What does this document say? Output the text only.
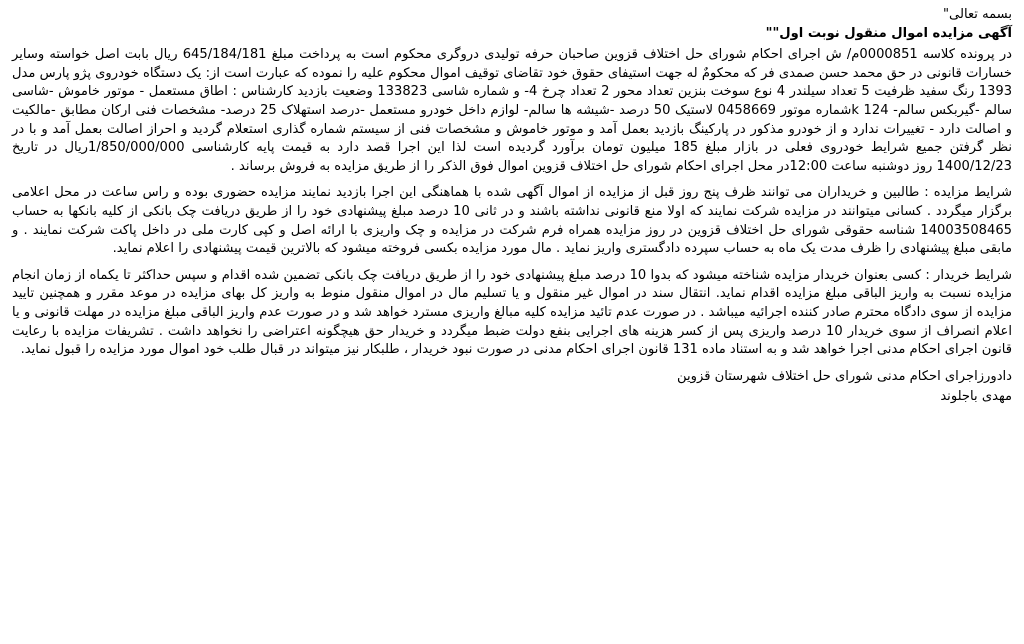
بسمه تعالی"
آگهی مزایده اموال منقول نوبت اول""

در پرونده کلاسه 0000851م/ ش اجرای احکام شورای حل اختلاف قزوین صاحبان حرفه تولیدی دروگری محکوم است به پرداخت مبلغ 645/184/181 ریال بابت اصل خواسته وسایر خسارات قانونی در حق محمد حسن صمدی فر که محکومٌ له جهت استیفای حقوق خود تقاضای توقیف اموال محکوم علیه را نموده که عبارت است از: یک دستگاه خودروی پژو پارس مدل 1393 رنگ سفید ظرفیت 5 تعداد سیلندر 4 نوع سوخت بنزین تعداد محور 2 تعداد چرخ 4- و شماره شاسی 133823 وضعیت بازدید کارشناس : اطاق مستعمل - موتور خاموش -شاسی سالم -گیربکس سالم- 124 kشماره موتور 0458669 لاستیک 50 درصد -شیشه ها سالم- لوازم داخل خودرو مستعمل -درصد استهلاک 25 درصد- مشخصات فنی ارکان مطابق -مالکیت و اصالت دارد - تغییرات ندارد و از خودرو مذکور در پارکینگ بازدید بعمل آمد و موتور خاموش و مشخصات فنی از سیستم شماره گذاری استعلام گردید و احراز اصالت بعمل آمد و با در نظر گرفتن جمیع شرایط خودروی فعلی در بازار مبلغ 185 میلیون تومان برآورد گردیده است لذا این اجرا قصد دارد به قیمت پایه کارشناسی 1/850/000/000ریال در تاریخ 1400/12/23 روز دوشنبه ساعت 12:00در محل اجرای احکام شورای حل اختلاف قزوین اموال فوق الذکر را از طریق مزایده به فروش برساند .

شرایط مزایده : طالبین و خریداران می توانند ظرف پنج روز قبل از مزایده از اموال آگهی شده با هماهنگی این اجرا بازدید نمایند مزایده حضوری بوده و راس ساعت در محل اعلامی برگزار میگردد . کسانی میتوانند در مزایده شرکت نمایند که اولا منع قانونی نداشته باشند و در ثانی 10 درصد مبلغ پیشنهادی خود را از طریق دریافت چک بانکی از کلیه بانکها به حساب 14003508465 شناسه حقوقی شورای حل اختلاف قزوین در روز مزایده همراه فرم شرکت در مزایده و چک واریزی با ارائه اصل و کپی کارت ملی در داخل پاکت شرکت نمایند . و مابقی مبلغ پیشنهادی را ظرف مدت یک ماه به حساب سپرده دادگستری واریز نماید . مال مورد مزایده بکسی فروخته میشود که بالاترین قیمت پیشنهادی را اعلام نماید.

شرایط خریدار : کسی بعنوان خریدار مزایده شناخته میشود که بدوا 10 درصد مبلغ پیشنهادی خود را از طریق دریافت چک بانکی تضمین شده اقدام و سپس حداکثر تا یکماه از زمان انجام مزایده نسبت به واریز الباقی مبلغ مزایده اقدام نماید. انتقال سند در اموال غیر منقول و یا تسلیم مال در اموال منقول منوط به واریز کل بهای مزایده در موعد مقرر و همچنین تایید مزایده از سوی دادگاه محترم صادر کننده اجرائیه میباشد . در صورت عدم تائید مزایده کلیه مبالغ واریزی مسترد خواهد شد و در صورت عدم واریز الباقی مبلغ مزایده در مهلت قانونی و یا اعلام انصراف از سوی خریدار 10 درصد واریزی پس از کسر هزینه های اجرایی بنفع دولت ضبط میگردد و خریدار حق هیچگونه اعتراضی را نخواهد داشت . تشریفات مزایده با رعایت قانون اجرای احکام مدنی اجرا خواهد شد و به استناد ماده 131 قانون اجرای احکام مدنی در صورت نبود خریدار ، طلبکار نیز میتواند در قبال طلب خود اموال مورد مزایده را قبول نماید.

دادورزاجرای احکام مدنی شورای حل اختلاف شهرستان قزوین
مهدی باجلوند
